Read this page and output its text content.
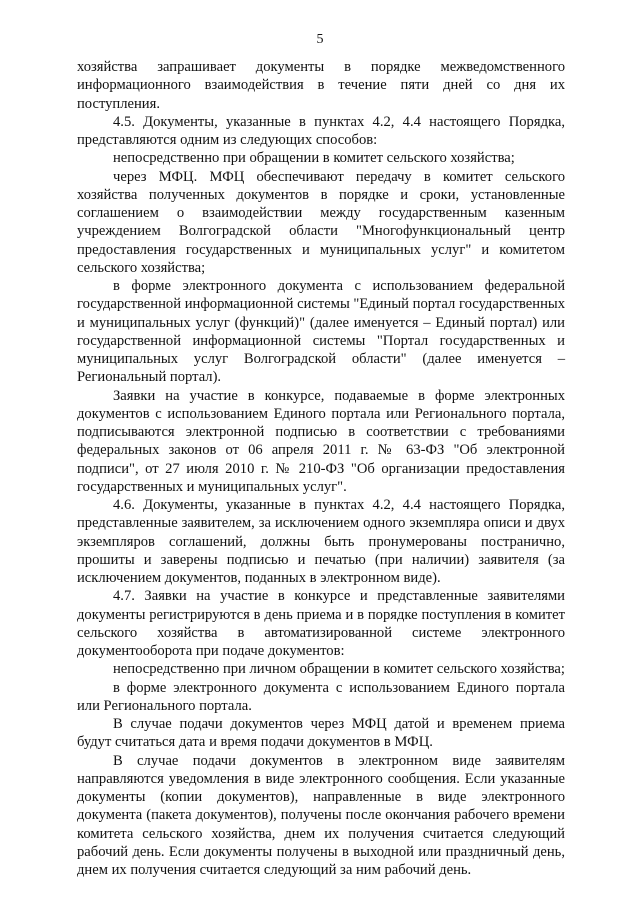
5

хозяйства запрашивает документы в порядке межведомственного информационного взаимодействия в течение пяти дней со дня их поступления.

4.5. Документы, указанные в пунктах 4.2, 4.4 настоящего Порядка, представляются одним из следующих способов:

непосредственно при обращении в комитет сельского хозяйства;

через МФЦ. МФЦ обеспечивают передачу в комитет сельского хозяйства полученных документов в порядке и сроки, установленные соглашением о взаимодействии между государственным казенным учреждением Волгоградской области "Многофункциональный центр предоставления государственных и муниципальных услуг" и комитетом сельского хозяйства;

в форме электронного документа с использованием федеральной государственной информационной системы "Единый портал государственных и муниципальных услуг (функций)" (далее именуется – Единый портал) или государственной информационной системы "Портал государственных и муниципальных услуг Волгоградской области" (далее именуется – Региональный портал).

Заявки на участие в конкурсе, подаваемые в форме электронных документов с использованием Единого портала или Регионального портала, подписываются электронной подписью в соответствии с требованиями федеральных законов от 06 апреля 2011 г. № 63-ФЗ "Об электронной подписи", от 27 июля 2010 г. № 210-ФЗ "Об организации предоставления государственных и муниципальных услуг".

4.6. Документы, указанные в пунктах 4.2, 4.4 настоящего Порядка, представленные заявителем, за исключением одного экземпляра описи и двух экземпляров соглашений, должны быть пронумерованы постранично, прошиты и заверены подписью и печатью (при наличии) заявителя (за исключением документов, поданных в электронном виде).

4.7. Заявки на участие в конкурсе и представленные заявителями документы регистрируются в день приема и в порядке поступления в комитет сельского хозяйства в автоматизированной системе электронного документооборота при подаче документов:

непосредственно при личном обращении в комитет сельского хозяйства;

в форме электронного документа с использованием Единого портала или Регионального портала.

В случае подачи документов через МФЦ датой и временем приема будут считаться дата и время подачи документов в МФЦ.

В случае подачи документов в электронном виде заявителям направляются уведомления в виде электронного сообщения. Если указанные документы (копии документов), направленные в виде электронного документа (пакета документов), получены после окончания рабочего времени комитета сельского хозяйства, днем их получения считается следующий рабочий день. Если документы получены в выходной или праздничный день, днем их получения считается следующий за ним рабочий день.
